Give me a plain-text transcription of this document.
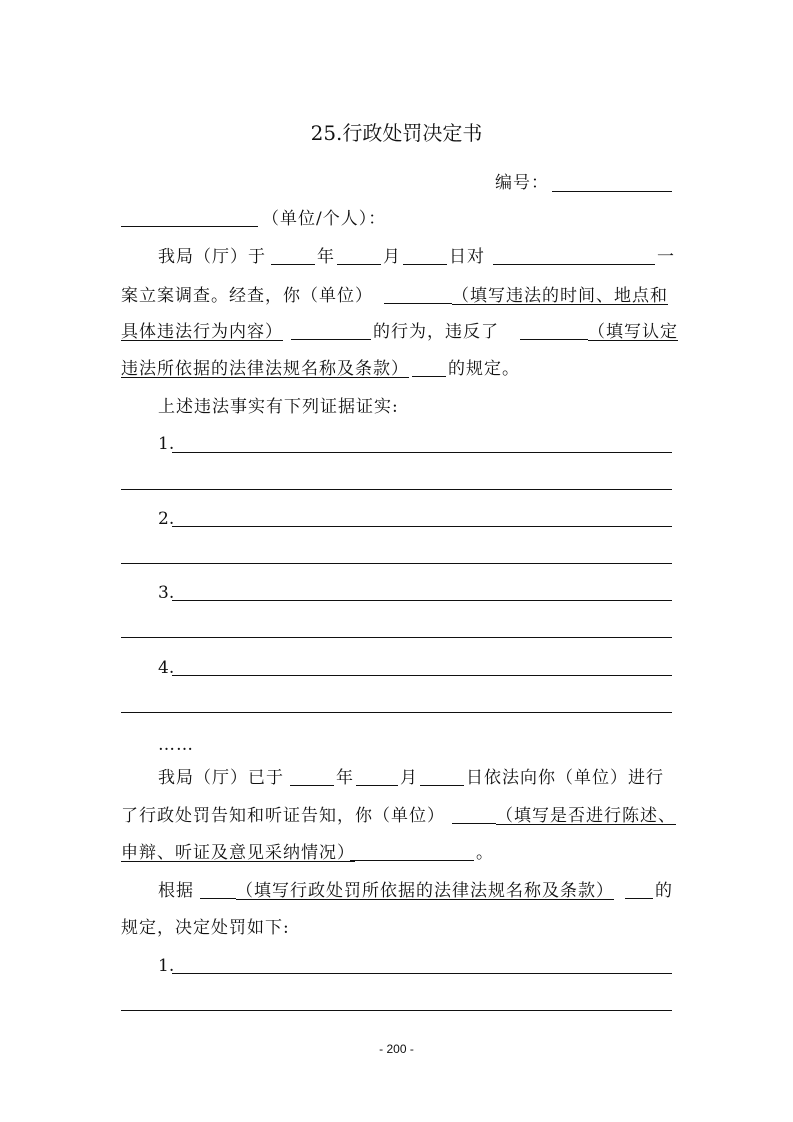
25.行政处罚决定书
编号：
（单位/个人）：
我局（厅）于	年	月	日对	一
案立案调查。经查，你（单位）	（填写违法的时间、地点和
具体违法行为内容）	的行为，违反了	（填写认定
违法所依据的法律法规名称及条款） 的规定。
上述违法事实有下列证据证实:
1.
2.
3.
4.
……
我局（厅）已于	年	月	日依法向你（单位）进行
了行政处罚告知和听证告知，你（单位）	（填写是否进行陈述、
申辩、听证及意见采纳情况）	。
根据 （填写行政处罚所依据的法律法规名称及条款） 的
规定，决定处罚如下:
1.
- 200 -
